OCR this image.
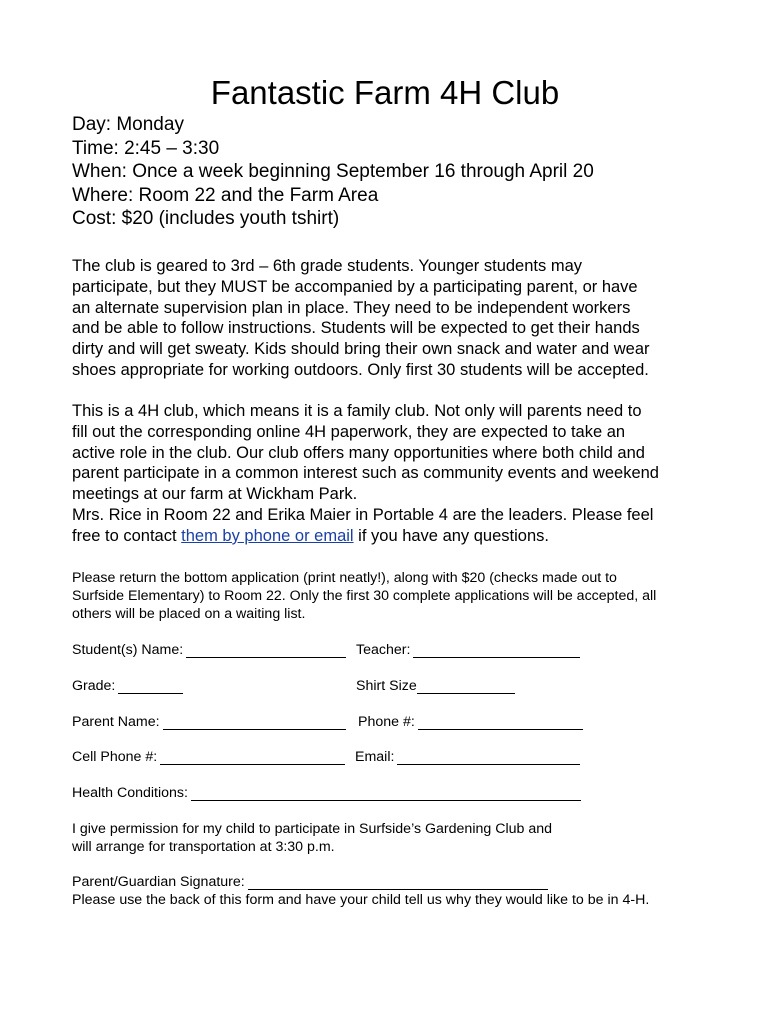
Fantastic Farm 4H Club
Day: Monday
Time: 2:45 – 3:30
When: Once a week beginning September 16 through April 20
Where: Room 22 and the Farm Area
Cost: $20 (includes youth tshirt)

The club is geared to 3rd – 6th grade students. Younger students may
participate, but they MUST be accompanied by a participating parent, or have
an alternate supervision plan in place. They need to be independent workers
and be able to follow instructions. Students will be expected to get their hands
dirty and will get sweaty. Kids should bring their own snack and water and wear
shoes appropriate for working outdoors. Only first 30 students will be accepted.

This is a 4H club, which means it is a family club. Not only will parents need to
fill out the corresponding online 4H paperwork, they are expected to take an
active role in the club. Our club offers many opportunities where both child and
parent participate in a common interest such as community events and weekend
meetings at our farm at Wickham Park.
Mrs. Rice in Room 22 and Erika Maier in Portable 4 are the leaders. Please feel
free to contact them by phone or email if you have any questions.

Please return the bottom application (print neatly!), along with $20 (checks made out to
Surfside Elementary) to Room 22. Only the first 30 complete applications will be accepted, all
others will be placed on a waiting list.
Student(s) Name:	Teacher:
Grade:	Shirt Size
Parent Name:	Phone #:
Cell Phone #:	Email:
Health Conditions:
I give permission for my child to participate in Surfside’s Gardening Club and
will arrange for transportation at 3:30 p.m.
Parent/Guardian Signature:
Please use the back of this form and have your child tell us why they would like to be in 4-H.
